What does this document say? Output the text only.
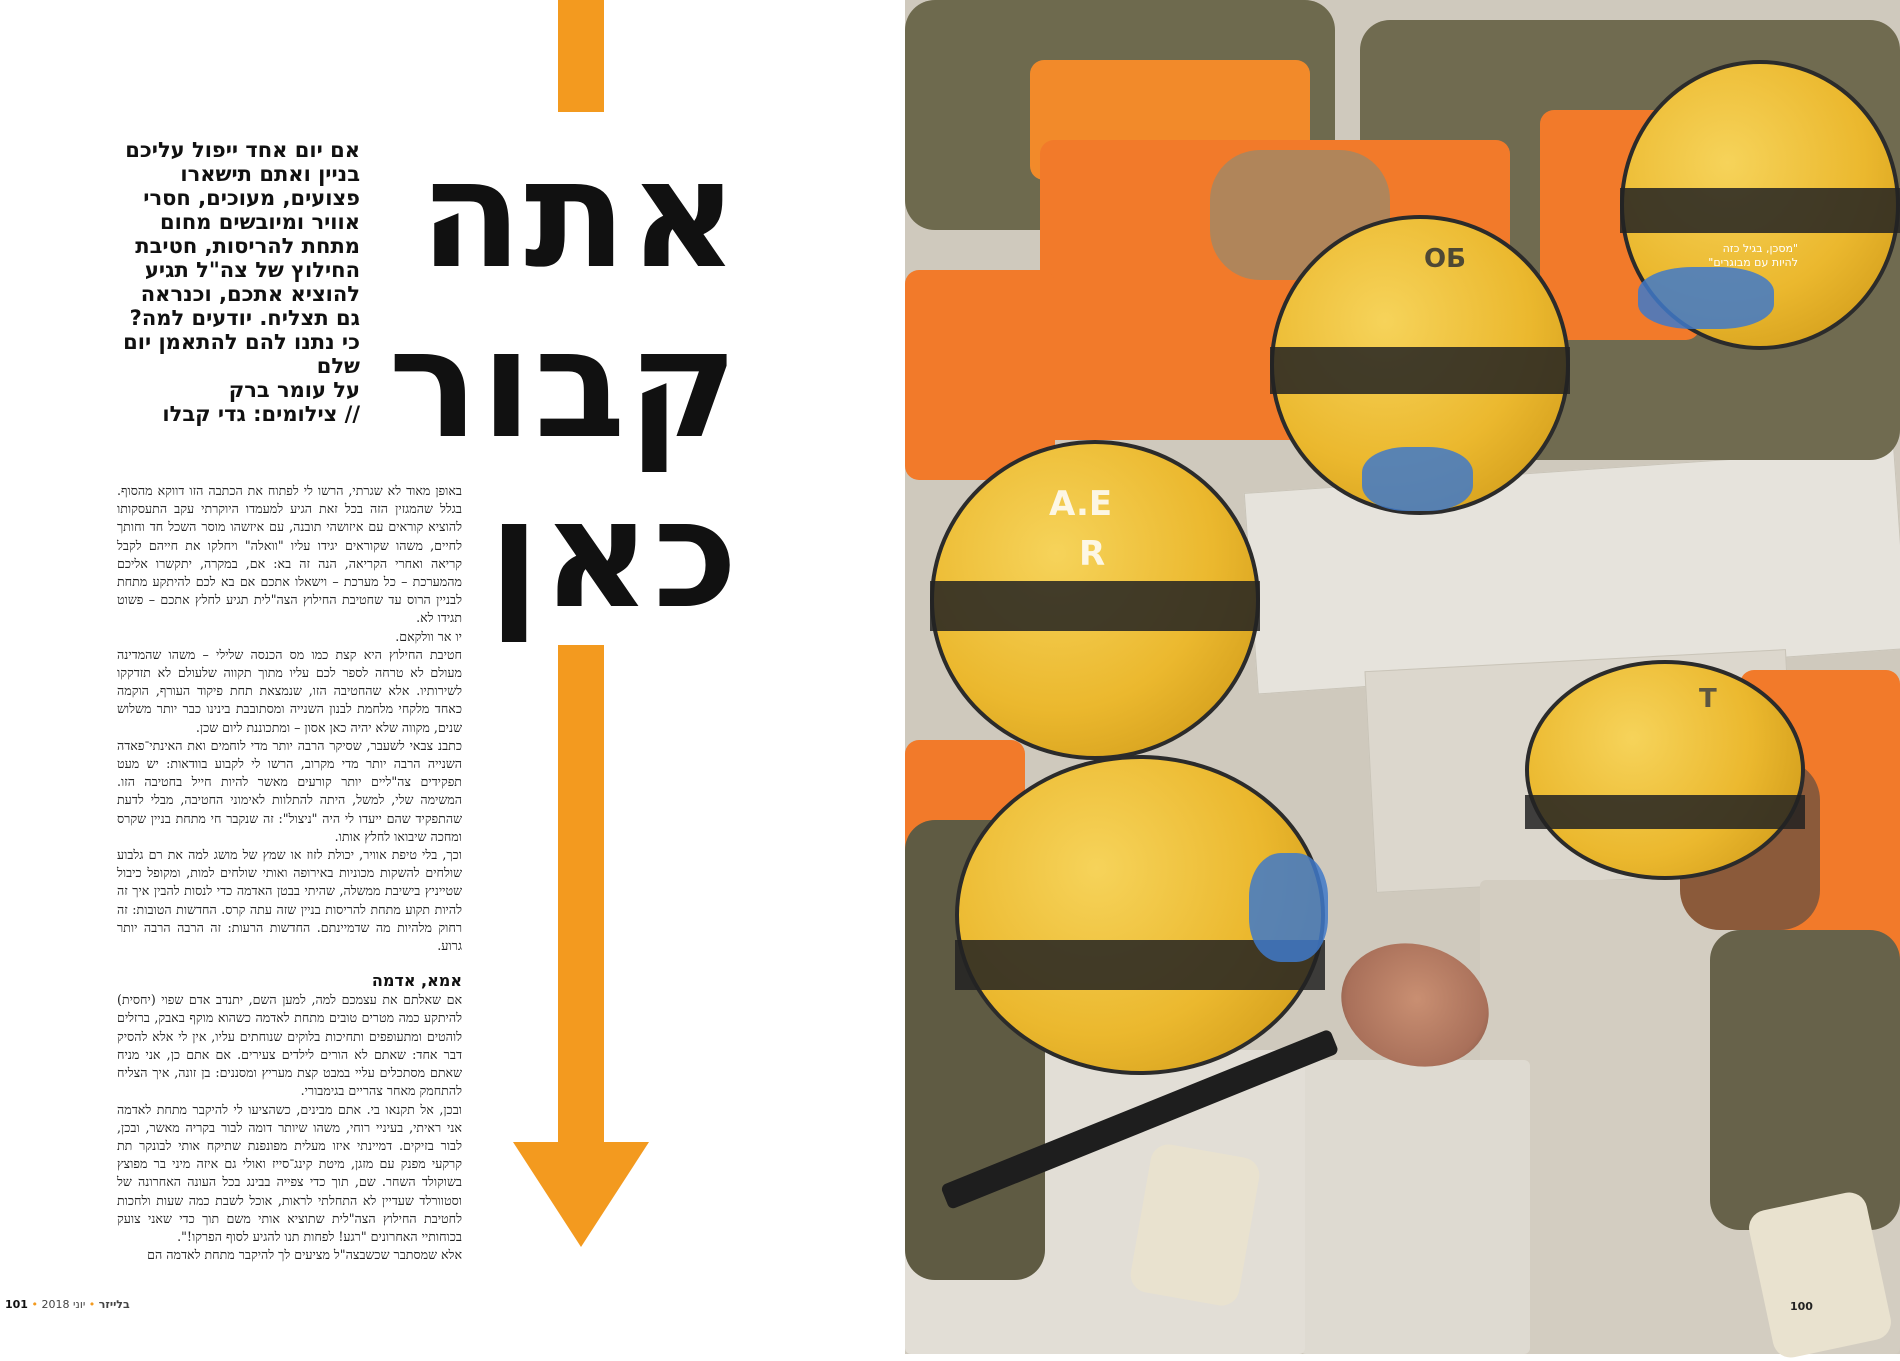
אתה
קבור
כאן
אם יום אחד ייפול עליכם בניין ואתם תישארו פצועים, מעוכים, חסרי אוויר ומיובשים מחום מתחת להריסות, חטיבת החילוץ של צה"ל תגיע להוציא אתכם, וכנראה גם תצליח. יודעים למה? כי נתנו להם להתאמן יום שלם
על עומר ברק
// צילומים: גדי קבלו

באופן מאוד לא שגרתי, הרשו לי לפתוח את הכתבה הזו דווקא מהסוף. בגלל שהמגזין הזה בכל זאת הגיע למעמדו היוקרתי עקב התעסקותו להוציא קוראים עם איזושהי תובנה, עם איזשהו מוסר השכל חד וחותך לחיים, משהו שקוראים יגידו עליו "וואלה" ויחלקו את חייהם לקבל קריאה ואחרי הקריאה, הנה זה בא: אם, במקרה, יתקשרו אליכם מהמערכת – כל מערכת – וישאלו אתכם אם בא לכם להיתקע מתחת לבניין הרוס עד שחטיבת החילוץ הצה"לית תגיע לחלץ אתכם – פשוט תגידו לא.

יו אר וולקאם.

חטיבת החילוץ היא קצת כמו מס הכנסה שלילי – משהו שהמדינה מעולם לא טרחה לספר לכם עליו מתוך תקווה שלעולם לא תזדקקו לשירותיו. אלא שהחטיבה הזו, שנמצאת תחת פיקוד העורף, הוקמה כאחד מלקחי מלחמת לבנון השנייה ומסתובבת בינינו כבר יותר משלוש שנים, מקווה שלא יהיה כאן אסון – ומתכוננת ליום שכן.

כתבנ צבאי לשעבר, שסיקר הרבה יותר מדי לוחמים ואת האינתי־פאדה השנייה הרבה יותר מדי מקרוב, הרשו לי לקבוע בוודאות: יש מעט תפקידים צה"ליים יותר קורעים מאשר להיות חייל בחטיבה הזו. המשימה שלי, למשל, היתה להתלוות לאימוני החטיבה, מבלי לדעת שהתפקיד שהם ייעדו לי היה "ניצול": זה שנקבר חי מתחת בניין שקרס ומחכה שיבואו לחלץ אותו.

וכך, בלי טיפת אוויר, יכולת לזוז או שמץ של מושג למה את רם גלבוע שולחים להשקות מכוניות באירופה ואותי שולחים למות, ומקופל כיבול שטייניץ בישיבת ממשלה, שהיתי בבטן האדמה כדי לנסות להבין איך זה להיות תקוע מתחת להריסות בניין שזה עתה קרס. החדשות הטובות: זה רחוק מלהיות מה שדמיינתם. החדשות הרעות: זה הרבה הרבה יותר גרוע.

אמא, אדמה

אם שאלתם את עצמכם למה, למען השם, יתנדב אדם שפוי (יחסית) להיתקע כמה מטרים טובים מתחת לאדמה כשהוא מוקף באבק, ברזלים לוהטים ומתעופפים ותחיכות בלוקים שנוחתים עליו, אין לי אלא להסיק דבר אחד: שאתם לא הורים לילדים צעירים. אם אתם כן, אני מניח שאתם מסתכלים עליי במבט קצת מעריץ ומסננים: בן זונה, איך הצליח להתחמק מאחר צהריים בגימבורי.

ובכן, אל תקנאו בי. אתם מבינים, כשהציעו לי להיקבר מתחת לאדמה אני ראיתי, בעיניי רוחי, משהו שיותר דומה לבור בקריה מאשר, ובכן, לבור בזיקים. דמיינתי איזו מעלית מפונפנת שתיקח אותי לבונקר תת קרקעי מפנק עם מזגן, מיטת קינג־סייז ואולי גם איזה מיני בר מפוצץ בשוקולד השחר. שם, תוך כדי צפייה בבינג בכל העונה האחרונה של וסטוורלד שעדיין לא התחלתי לראות, אוכל לשבת כמה שעות ולחכות לחטיבת החילוץ הצה"לית שתוציא אותי משם תוך כדי שאני צועק בכוחותיי האחרונים "רגע! לפחות תנו להגיע לסוף הפרקו!".

אלא שמסתבר שכשבצה"ל מציעים לך להיקבר מתחת לאדמה הם

101 •	בלייזר • יוני 2018
ОБ
A.E
R
Т
"מסכן, בגיל כזה להיות עם מבוגרים"
100
